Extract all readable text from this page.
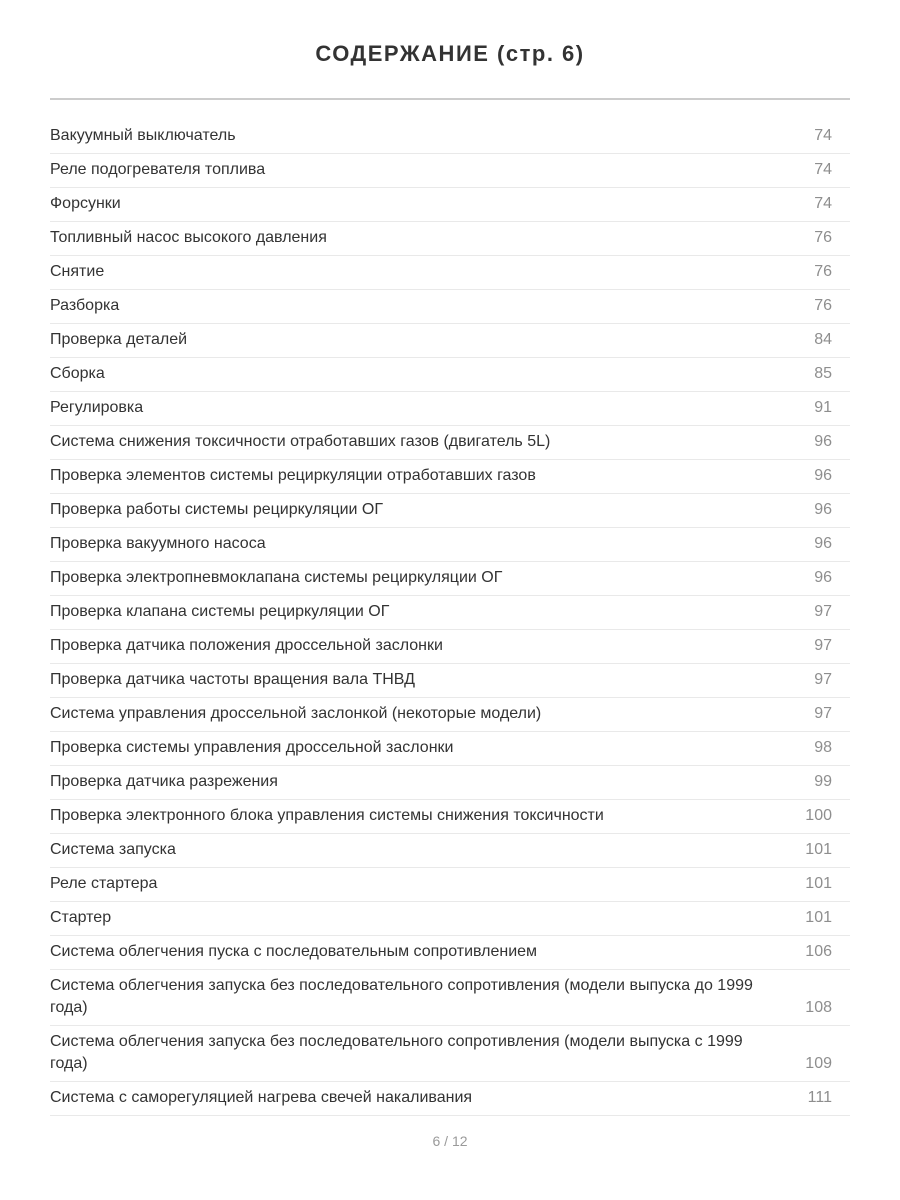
СОДЕРЖАНИЕ (стр. 6)
Вакуумный выключатель	74
Реле подогревателя топлива	74
Форсунки	74
Топливный насос высокого давления	76
Снятие	76
Разборка	76
Проверка деталей	84
Сборка	85
Регулировка	91
Система снижения токсичности отработавших газов (двигатель 5L)	96
Проверка элементов системы рециркуляции отработавших газов	96
Проверка работы системы рециркуляции ОГ	96
Проверка вакуумного насоса	96
Проверка электропневмоклапана системы рециркуляции ОГ	96
Проверка клапана системы рециркуляции ОГ	97
Проверка датчика положения дроссельной заслонки	97
Проверка датчика частоты вращения вала ТНВД	97
Система управления дроссельной заслонкой (некоторые модели)	97
Проверка системы управления дроссельной заслонки	98
Проверка датчика разрежения	99
Проверка электронного блока управления системы снижения токсичности	100
Система запуска	101
Реле стартера	101
Стартер	101
Система облегчения пуска с последовательным сопротивлением	106
Система облегчения запуска без последовательного сопротивления (модели выпуска до 1999 года)	108
Система облегчения запуска без последовательного сопротивления (модели выпуска с 1999 года)	109
Система с саморегуляцией нагрева свечей накаливания	111
6 / 12
